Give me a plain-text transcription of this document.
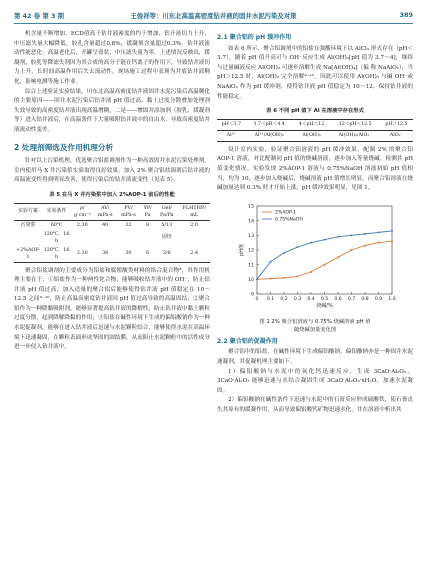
第 42 卷 第 3 期	王俊祥等：川东北高温高密度钻井液的固井水泥污染及对策	389

机含量不断增加。ECD值高于钻井液密度的约于增加，钻开液切力上升，中压滤失量大幅降低，胶孔含量超过0.8%，缓凝剂含量超过0.3%。钻井液流动性能恶化：高温老化后，开罐呈膏状，中压滤失量为零，上述情况反映出，缓凝剂、胶乳等降滤失剂因为其合成的高分子链在钙离子的作用下，导致钻井液切力上升，长时间高温作用后失去流动性，现场施工过程中表现为井底钻井液稠化，影响电测等施工作业。

综合上述验证实验结果，川东北高温高密度钻井液固井水泥污染后高温稠化的主要原因——固井水泥污染后钻井液 pH 值过高，黏土过度分散叠加处理剂失效导致的高密度钻井液出现高温增稠，二是——惨固井添加剂（胶乳、缓凝剂等）进入钻井液后，在高温条件下大量吸附钻井液中的自由水，导致高密度钻井液流动性变差。

2 处理剂筛选及作用机理分析

针对以上污染机理，优选聚合铝盐调剂作为一种高效固井水泥污染处理剂，室内使用马 X 井污染浆实验取得良好效果，加入 2% 聚合铝盐调剂后钻井液的高温流变性得到明显改善，使得污染后的钻井液流变性（见表 5）。

表 5 在马 X 井污染浆中加入 2%AOP-1 前后的性能
实验方案	实验条件	ρ/ g·cm⁻³	AV/ mPa·s	PV/ mPa·s	YP/ Pa	Gel/ Pa/Pa	FLHTHP/ mL
污染浆	60℃	2.30	40	32	8	5/13	2.0
	120℃、16 h					固结	
+2%AOP-1	120℃、16 h	2.30	36	30	6	3/8	2.4

聚合铝盐调剂的主要成分为铝盐和腐殖酸类材料的络合混合物⁸，其作用机理主要在于：①铝盐作为一种两性化合物，能够吸收钻井液中的 OH⁻，防止钻井液 pH 值过高，加入适量的聚合铝后能够使得钻井液 pH 值稳定在 10～12.5 之间⁹⁻¹⁰，防止高温高密度钻井液因 pH 值过高导致的高温固结；②聚合铝作为一种降黏吸附剂，能够显著提高钻井液的降解性，防止钻井液中黏土颗粒过度分散，起到降解降黏的作用；③铝盐在碱性环境下生成的偏铝酸钠作为一种水泥促凝剂，能够在进入钻井液后迅速与水泥颗粒结合，能够使得水泥在高温环境下迅速凝固，在颗粒表面形成坚固的固结膜，从而阻止水泥颗粒中的活性成分进一步侵入钻井液中。

2.1 聚合铝的 pH 缓冲作用

如表 6 所示，聚合铝调剂中的铝盐在强酸环境下以 AlCl₃ 形式存在（pH＜3.7），随着 pH 值升高可与 OH⁻反应生成 Al(OH)₃[pH 值为 3.7～4]，继续与过量碱液反应 Al(OH)₃ 可逐步溶解生成 Na[Al(OH)₄]（偏 称 NaAlO₂），当 pH＞12.5 时，Al(OH)₃ 完全溶解⁹⁻¹²。因此可以使用 Al(OH)₃ 与碱 OH⁻或 NaAlO₂ 作为 pH 缓冲剂，使得钻井液 pH 值稳定为 10～12，保持钻井液的性能稳定。

表 6 不同 pH 值下 Al 在溶液中存在形式
pH＜3.7	3.7＜pH＜4.4	4＜pH＜12	12＜pH＜12.5	pH＞12.5
Al³⁺	Al³⁺/Al(OH)₃	Al(OH)₃	Al(OH)₃/AlO₂⁻	AlO₂⁻

设计室内实验，验证聚合铝溶液的 pH 缓冲效果。配制 2% 的聚合铝 AOP-1 溶液，对比配制同 pH 值的烧碱溶液，逐步加入等量烧碱，检测其 pH 值变化情况。实验发现 2%AOP-1 溶液与 0.75%NaOH 溶液初始 pH 值相当，均为 10，逐步加入烧碱后，烧碱溶液 pH 值增长明显，而聚合铝溶液在烧碱加量达到 0.3% 时才开始上涨，pH 缓冲效果明显，见图 1。

9
10
11
12
13
14
15
0 0.1 0.2 0.3 0.4 0.5 0.6 0.7 0.8 0.9 1.0
烧碱/%
pH值
2%AOP-1
0.75%NaOH
图 1 2% 聚合铝溶液与 0.75% 烧碱溶液 pH 值
随烧碱加量变化图
2.2 聚合铝的促凝作用

聚合铝中的铝盐，在碱性环境下生成偏铝酸钠，偏铝酸钠亦是一种固井水泥速凝剂，其促凝机理主要如下。

1）偏铝酸钠与水泥中的氧化钙迅速反应，生成 3CaO·Al₂O₃、3CaO·Al₂O₃ 能够迅速与水结合凝固生成 3CaO·Al₂O₃·xH₂O，加速水泥凝固。

2）偏铝酸钠在碱性条件下迅速与水泥中的石膏反应形成硫酸铁，使石膏丧失其原有的缓凝作用，从而导致偏铝酸钙矿物迅速水化，并在溶液中析出其
